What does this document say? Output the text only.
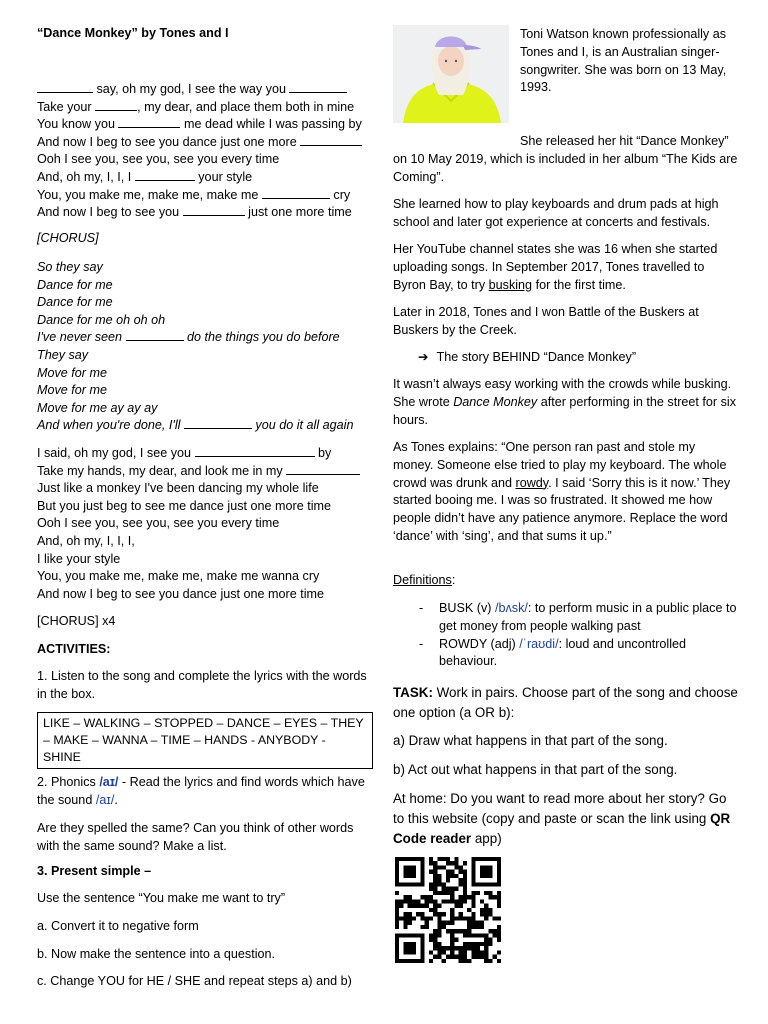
“Dance Monkey” by Tones and I
say, oh my god, I see the way you
Take your	, my dear, and place them both in mine
You know you	me dead while I was passing by
And now I beg to see you dance just one more
Ooh I see you, see you, see you every time
And, oh my, I, I, I	your style
You, you make me, make me, make me	cry
And now I beg to see you	just one more time
[CHORUS]
So they say
Dance for me
Dance for me
Dance for me oh oh oh
I've never seen	do the things you do before
They say
Move for me
Move for me
Move for me ay ay ay
And when you're done, I'll	you do it all again
I said, oh my god, I see you	by
Take my hands, my dear, and look me in my
Just like a monkey I've been dancing my whole life
But you just beg to see me dance just one more time
Ooh I see you, see you, see you every time
And, oh my, I, I, I,
I like your style
You, you make me, make me, make me wanna cry
And now I beg to see you dance just one more time
[CHORUS] x4
ACTIVITIES:
1. Listen to the song and complete the lyrics with the words in the box.
LIKE – WALKING – STOPPED – DANCE – EYES – THEY – MAKE – WANNA – TIME – HANDS - ANYBODY - SHINE
2. Phonics /aɪ/ - Read the lyrics and find words which have the sound /aɪ/.
Are they spelled the same? Can you think of other words with the same sound? Make a list.
3. Present simple –
Use the sentence “You make me want to try”
a. Convert it to negative form
b. Now make the sentence into a question.
c. Change YOU for HE / SHE and repeat steps a) and b)
Toni Watson known professionally as Tones and I, is an Australian singer-songwriter. She was born on 13 May, 1993.
She released her hit “Dance Monkey” on 10 May 2019, which is included in her album “The Kids are Coming”.
She learned how to play keyboards and drum pads at high school and later got experience at concerts and festivals.
Her YouTube channel states she was 16 when she started uploading songs. In September 2017, Tones travelled to Byron Bay, to try busking for the first time.
Later in 2018, Tones and I won Battle of the Buskers at Buskers by the Creek.
➔ The story BEHIND “Dance Monkey”
It wasn’t always easy working with the crowds while busking. She wrote Dance Monkey after performing in the street for six hours.
As Tones explains: “One person ran past and stole my money. Someone else tried to play my keyboard. The whole crowd was drunk and rowdy. I said ‘Sorry this is it now.’ They started booing me. I was so frustrated. It showed me how people didn’t have any patience anymore. Replace the word ‘dance’ with ‘sing’, and that sums it up.”
Definitions:
- BUSK (v) /bʌsk/: to perform music in a public place to get money from people walking past
- ROWDY (adj) /ˈraʊdi/: loud and uncontrolled behaviour.
TASK: Work in pairs. Choose part of the song and choose one option (a OR b):
a) Draw what happens in that part of the song.
b) Act out what happens in that part of the song.
At home: Do you want to read more about her story? Go to this website (copy and paste or scan the link using QR Code reader app)
